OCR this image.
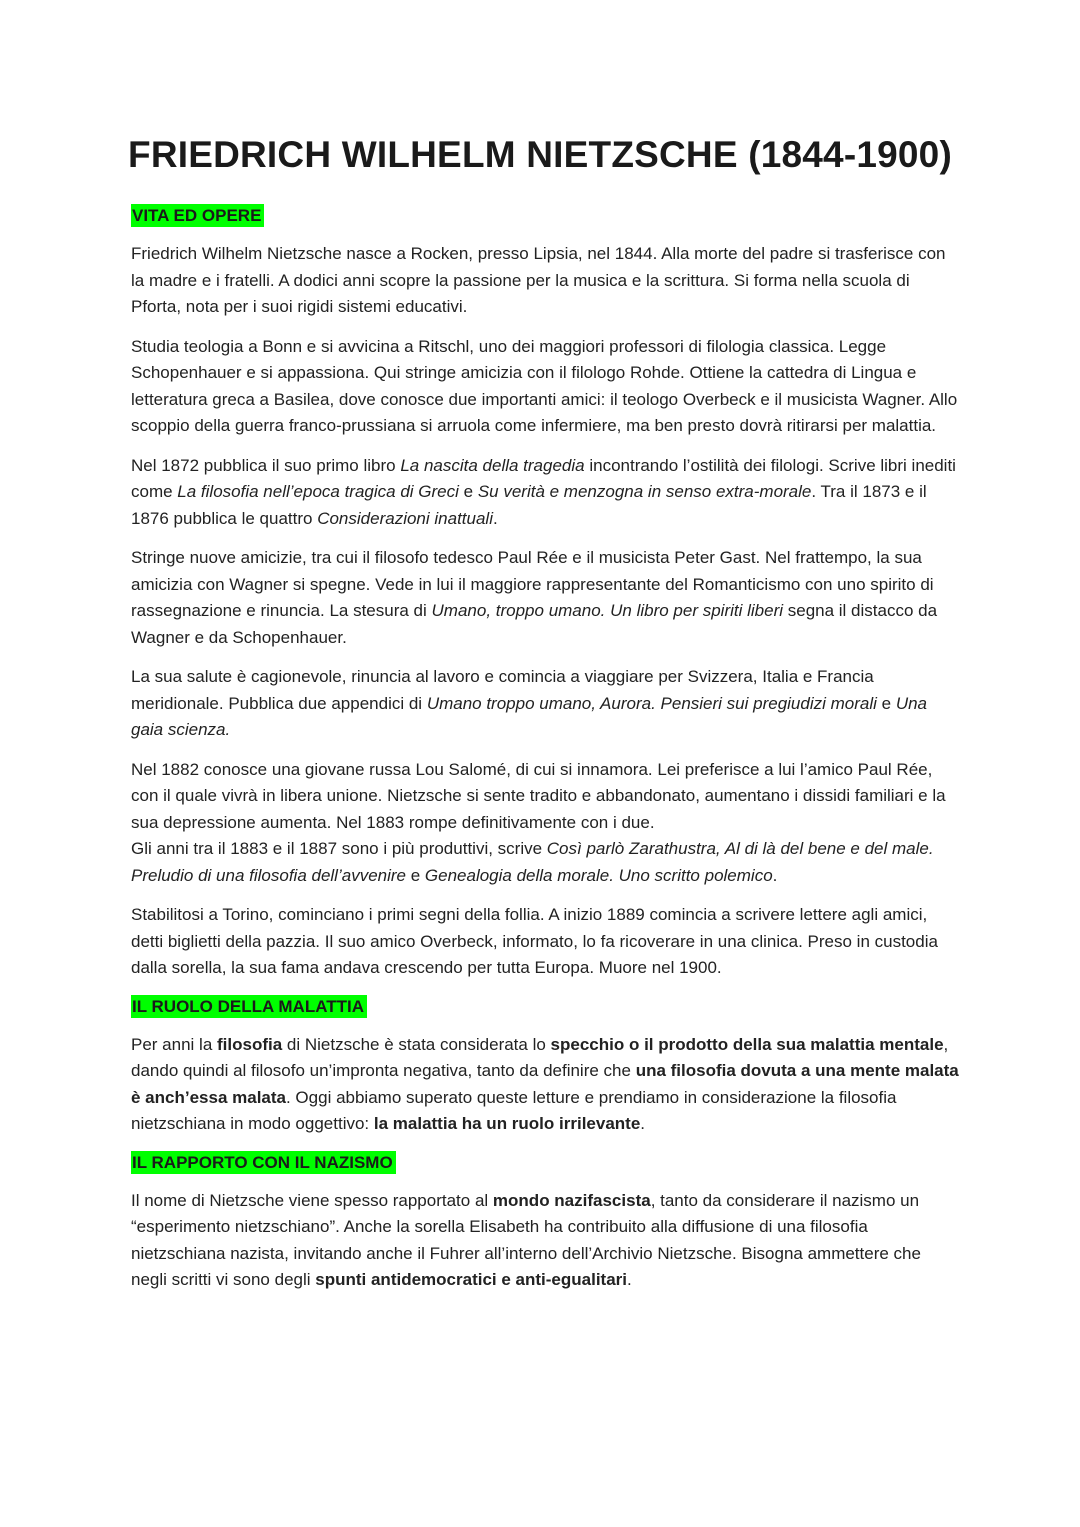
FRIEDRICH WILHELM NIETZSCHE (1844-1900)
VITA ED OPERE

Friedrich Wilhelm Nietzsche nasce a Rocken, presso Lipsia, nel 1844. Alla morte del padre si trasferisce con la madre e i fratelli. A dodici anni scopre la passione per la musica e la scrittura. Si forma nella scuola di Pforta, nota per i suoi rigidi sistemi educativi.

Studia teologia a Bonn e si avvicina a Ritschl, uno dei maggiori professori di filologia classica. Legge Schopenhauer e si appassiona. Qui stringe amicizia con il filologo Rohde. Ottiene la cattedra di Lingua e letteratura greca a Basilea, dove conosce due importanti amici: il teologo Overbeck e il musicista Wagner. Allo scoppio della guerra franco-prussiana si arruola come infermiere, ma ben presto dovrà ritirarsi per malattia.

Nel 1872 pubblica il suo primo libro La nascita della tragedia incontrando l’ostilità dei filologi. Scrive libri inediti come La filosofia nell’epoca tragica di Greci e Su verità e menzogna in senso extra-morale. Tra il 1873 e il 1876 pubblica le quattro Considerazioni inattuali.

Stringe nuove amicizie, tra cui il filosofo tedesco Paul Rée e il musicista Peter Gast. Nel frattempo, la sua amicizia con Wagner si spegne. Vede in lui il maggiore rappresentante del Romanticismo con uno spirito di rassegnazione e rinuncia. La stesura di Umano, troppo umano. Un libro per spiriti liberi segna il distacco da Wagner e da Schopenhauer.

La sua salute è cagionevole, rinuncia al lavoro e comincia a viaggiare per Svizzera, Italia e Francia meridionale. Pubblica due appendici di Umano troppo umano, Aurora. Pensieri sui pregiudizi morali e Una gaia scienza.

Nel 1882 conosce una giovane russa Lou Salomé, di cui si innamora. Lei preferisce a lui l’amico Paul Rée, con il quale vivrà in libera unione. Nietzsche si sente tradito e abbandonato, aumentano i dissidi familiari e la sua depressione aumenta. Nel 1883 rompe definitivamente con i due.

Gli anni tra il 1883 e il 1887 sono i più produttivi, scrive Così parlò Zarathustra, Al di là del bene e del male. Preludio di una filosofia dell’avvenire e Genealogia della morale. Uno scritto polemico.

Stabilitosi a Torino, cominciano i primi segni della follia. A inizio 1889 comincia a scrivere lettere agli amici, detti biglietti della pazzia. Il suo amico Overbeck, informato, lo fa ricoverare in una clinica. Preso in custodia dalla sorella, la sua fama andava crescendo per tutta Europa. Muore nel 1900.

IL RUOLO DELLA MALATTIA

Per anni la filosofia di Nietzsche è stata considerata lo specchio o il prodotto della sua malattia mentale, dando quindi al filosofo un’impronta negativa, tanto da definire che una filosofia dovuta a una mente malata è anch’essa malata. Oggi abbiamo superato queste letture e prendiamo in considerazione la filosofia nietzschiana in modo oggettivo: la malattia ha un ruolo irrilevante.

IL RAPPORTO CON IL NAZISMO

Il nome di Nietzsche viene spesso rapportato al mondo nazifascista, tanto da considerare il nazismo un “esperimento nietzschiano”. Anche la sorella Elisabeth ha contribuito alla diffusione di una filosofia nietzschiana nazista, invitando anche il Fuhrer all’interno dell’Archivio Nietzsche. Bisogna ammettere che negli scritti vi sono degli spunti antidemocratici e anti-egualitari.
